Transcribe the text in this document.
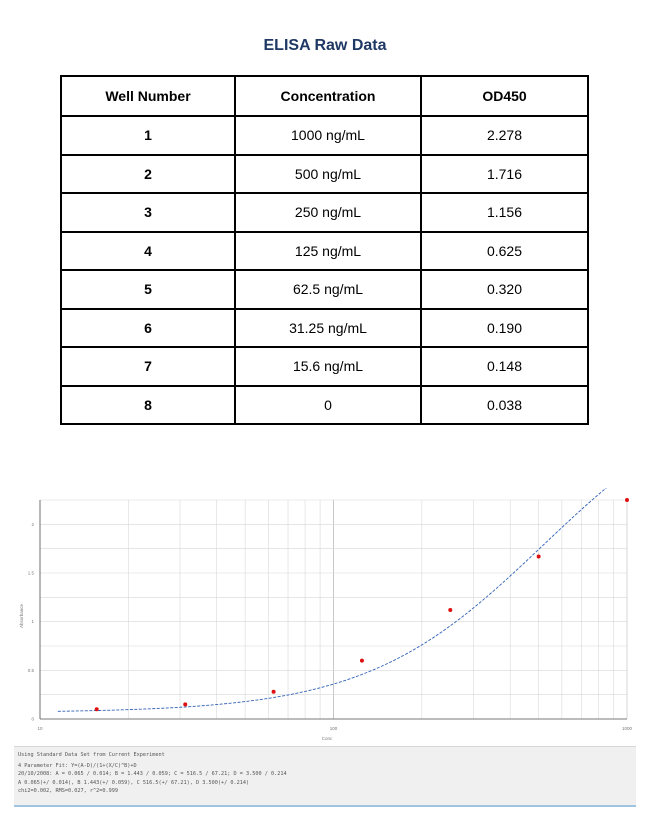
ELISA Raw Data
Well Number	Concentration	OD450
1	1000 ng/mL	2.278
2	500 ng/mL	1.716
3	250 ng/mL	1.156
4	125 ng/mL	0.625
5	62.5 ng/mL	0.320
6	31.25 ng/mL	0.190
7	15.6 ng/mL	0.148
8	0	0.038
10	100	1000
0
0.5
1
1.5
2
Conc
Absorbance
Using Standard Data Set from Current Experiment
4 Parameter Fit: Y=(A-D)/(1+(X/C)^B)+D
20/10/2008: A = 0.065 / 0.014; B = 1.443 / 0.059; C = 516.5 / 67.21; D = 3.500 / 0.214
A 0.065(+/ 0.014), B 1.443(+/ 0.059), C 516.5(+/ 67.21), D 3.500(+/ 0.214)
chi2=0.002, RMS=0.027, r^2=0.999
